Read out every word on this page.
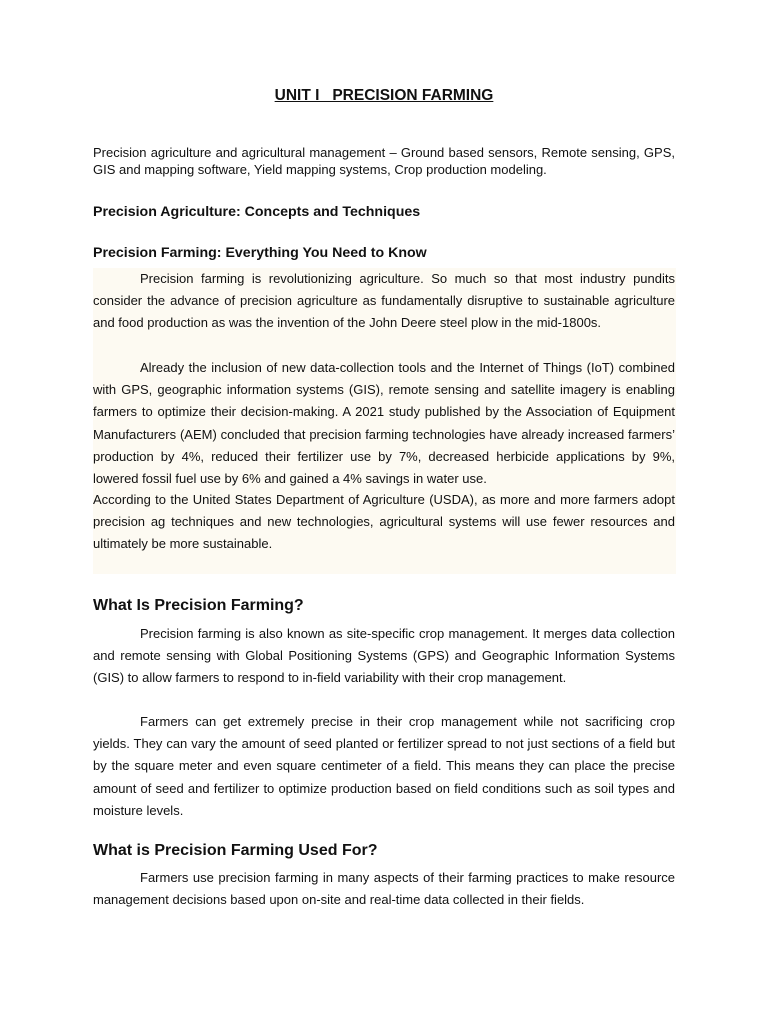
UNIT I   PRECISION FARMING

Precision agriculture and agricultural management – Ground based sensors, Remote sensing, GPS, GIS and mapping software, Yield mapping systems, Crop production modeling.

Precision Agriculture: Concepts and Techniques
Precision Farming: Everything You Need to Know

Precision farming is revolutionizing agriculture. So much so that most industry pundits consider the advance of precision agriculture as fundamentally disruptive to sustainable agriculture and food production as was the invention of the John Deere steel plow in the mid-1800s.

Already the inclusion of new data-collection tools and the Internet of Things (IoT) combined with GPS, geographic information systems (GIS), remote sensing and satellite imagery is enabling farmers to optimize their decision-making. A 2021 study published by the Association of Equipment Manufacturers (AEM) concluded that precision farming technologies have already increased farmers’ production by 4%, reduced their fertilizer use by 7%, decreased herbicide applications by 9%, lowered fossil fuel use by 6% and gained a 4% savings in water use.

According to the United States Department of Agriculture (USDA), as more and more farmers adopt precision ag techniques and new technologies, agricultural systems will use fewer resources and ultimately be more sustainable.

What Is Precision Farming?

Precision farming is also known as site-specific crop management. It merges data collection and remote sensing with Global Positioning Systems (GPS) and Geographic Information Systems (GIS) to allow farmers to respond to in-field variability with their crop management.

Farmers can get extremely precise in their crop management while not sacrificing crop yields. They can vary the amount of seed planted or fertilizer spread to not just sections of a field but by the square meter and even square centimeter of a field. This means they can place the precise amount of seed and fertilizer to optimize production based on field conditions such as soil types and moisture levels.

What is Precision Farming Used For?

Farmers use precision farming in many aspects of their farming practices to make resource management decisions based upon on-site and real-time data collected in their fields.
